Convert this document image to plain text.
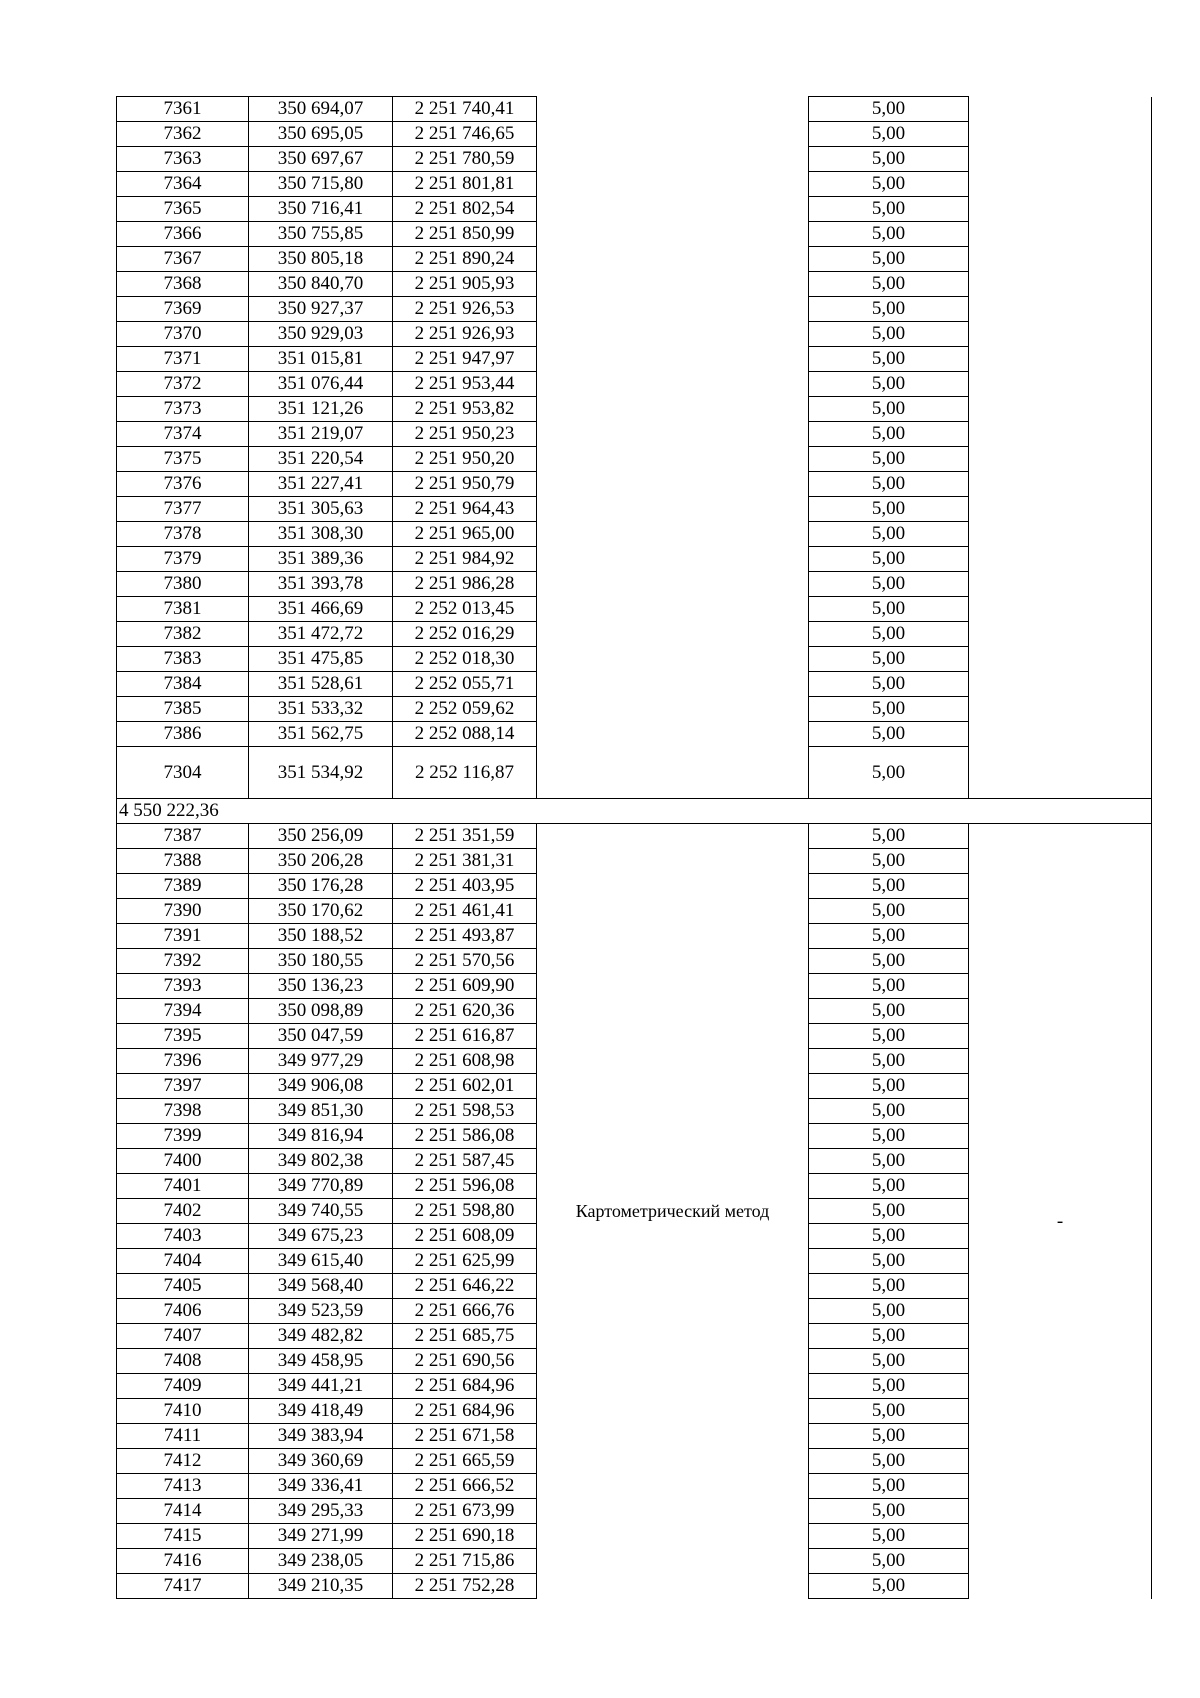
7361	350 694,07	2 251 740,41		5,00	
7362	350 695,05	2 251 746,65		5,00	
7363	350 697,67	2 251 780,59		5,00	
7364	350 715,80	2 251 801,81		5,00	
7365	350 716,41	2 251 802,54		5,00	
7366	350 755,85	2 251 850,99		5,00	
7367	350 805,18	2 251 890,24		5,00	
7368	350 840,70	2 251 905,93		5,00	
7369	350 927,37	2 251 926,53		5,00	
7370	350 929,03	2 251 926,93		5,00	
7371	351 015,81	2 251 947,97		5,00	
7372	351 076,44	2 251 953,44		5,00	
7373	351 121,26	2 251 953,82		5,00	
7374	351 219,07	2 251 950,23		5,00	
7375	351 220,54	2 251 950,20		5,00	
7376	351 227,41	2 251 950,79		5,00	
7377	351 305,63	2 251 964,43		5,00	
7378	351 308,30	2 251 965,00		5,00	
7379	351 389,36	2 251 984,92		5,00	
7380	351 393,78	2 251 986,28		5,00	
7381	351 466,69	2 252 013,45		5,00	
7382	351 472,72	2 252 016,29		5,00	
7383	351 475,85	2 252 018,30		5,00	
7384	351 528,61	2 252 055,71		5,00	
7385	351 533,32	2 252 059,62		5,00	
7386	351 562,75	2 252 088,14		5,00	
7304	351 534,92	2 252 116,87		5,00	
4 550 222,36					
7387	350 256,09	2 251 351,59	Картометрический метод	5,00	-
7388	350 206,28	2 251 381,31		5,00	
7389	350 176,28	2 251 403,95		5,00	
7390	350 170,62	2 251 461,41		5,00	
7391	350 188,52	2 251 493,87		5,00	
7392	350 180,55	2 251 570,56		5,00	
7393	350 136,23	2 251 609,90		5,00	
7394	350 098,89	2 251 620,36		5,00	
7395	350 047,59	2 251 616,87		5,00	
7396	349 977,29	2 251 608,98		5,00	
7397	349 906,08	2 251 602,01		5,00	
7398	349 851,30	2 251 598,53		5,00	
7399	349 816,94	2 251 586,08		5,00	
7400	349 802,38	2 251 587,45		5,00	
7401	349 770,89	2 251 596,08		5,00	
7402	349 740,55	2 251 598,80		5,00	
7403	349 675,23	2 251 608,09		5,00	
7404	349 615,40	2 251 625,99		5,00	
7405	349 568,40	2 251 646,22		5,00	
7406	349 523,59	2 251 666,76		5,00	
7407	349 482,82	2 251 685,75		5,00	
7408	349 458,95	2 251 690,56		5,00	
7409	349 441,21	2 251 684,96		5,00	
7410	349 418,49	2 251 684,96		5,00	
7411	349 383,94	2 251 671,58		5,00	
7412	349 360,69	2 251 665,59		5,00	
7413	349 336,41	2 251 666,52		5,00	
7414	349 295,33	2 251 673,99		5,00	
7415	349 271,99	2 251 690,18		5,00	
7416	349 238,05	2 251 715,86		5,00	
7417	349 210,35	2 251 752,28		5,00	
